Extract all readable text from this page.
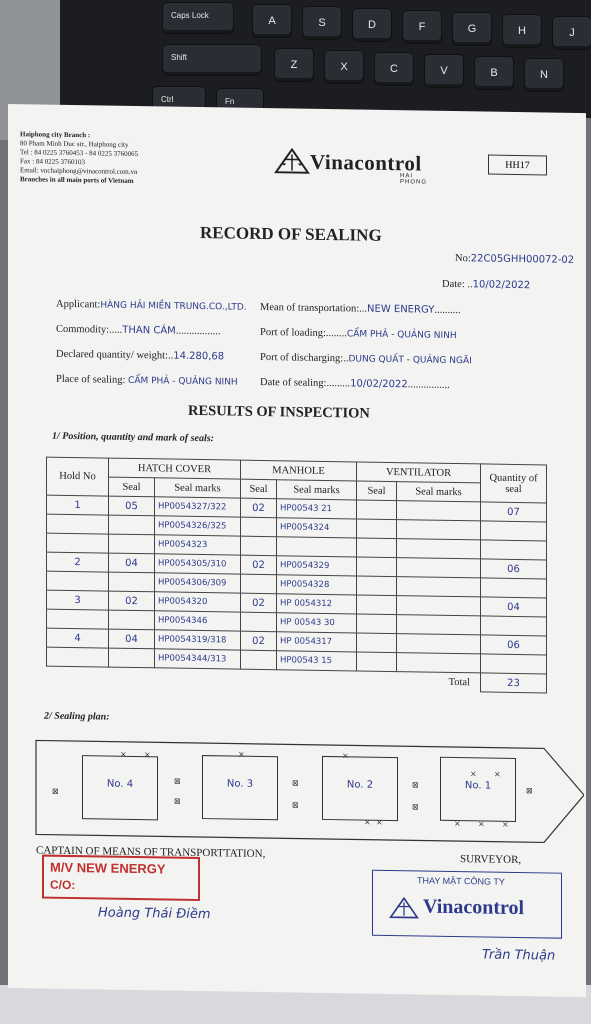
Caps Lock	A	S	D	F	G	H	J
Shift
Z	X	C	V	B	N
Ctrl	Fn
Haiphong city Branch :
80 Pham Minh Duc str., Haiphong city
Tel : 84 0225 3760453 - 84 0225 3760065
Fax : 84 0225 3760103
Email: vnchaiphong@vinacontrol.com.vn
Branches in all main ports of Vietnam
Vinacontrol
HAI PHONG
HH17
RECORD OF SEALING
No:22C05GHH00072-02
Date: ..10/02/2022
Applicant:HÀNG HẢI MIỀN TRUNG.CO.,LTD. Mean of transportation:...NEW ENERGY..........
Commodity:.....THAN CÁM.................	Port of loading:........CẨM PHẢ - QUẢNG NINH
Declared quantity/ weight:..14.280,68	Port of discharging:..DUNG QUẤT - QUẢNG NGÃI
Place of sealing: CẨM PHẢ - QUẢNG NINH Date of sealing:.........10/02/2022................
RESULTS OF INSPECTION
1/ Position, quantity and mark of seals:
Hold No	HATCH COVER		MANHOLE		VENTILATOR		Quantity of seal
	Seal	Seal marks	Seal	Seal marks	Seal	Seal marks	
1	05	HP0054327/322	02	HP00543 21			07
		HP0054326/325		HP0054324			
		HP0054323					
2	04	HP0054305/310	02	HP0054329			06
		HP0054306/309		HP0054328			
3	02	HP0054320	02	HP 0054312			04
		HP0054346		HP 00543 30			
4	04	HP0054319/318	02	HP 0054317			06
		HP0054344/313		HP00543 15			
Total							23
2/ Sealing plan:
No. 4	No. 3	No. 2	No. 1
⊠
⊠
⊠
⊠
⊠
⊠
⊠
⊠
× ×	×	×
× ×
× ×
× × ×
CAPTAIN OF MEANS OF TRANSPORTTATION,	SURVEYOR,
M/V NEW ENERGY
C/O:
Hoàng Thái Điềm
THAY MẶT CÔNG TY
Vinacontrol
Trần Thuận
